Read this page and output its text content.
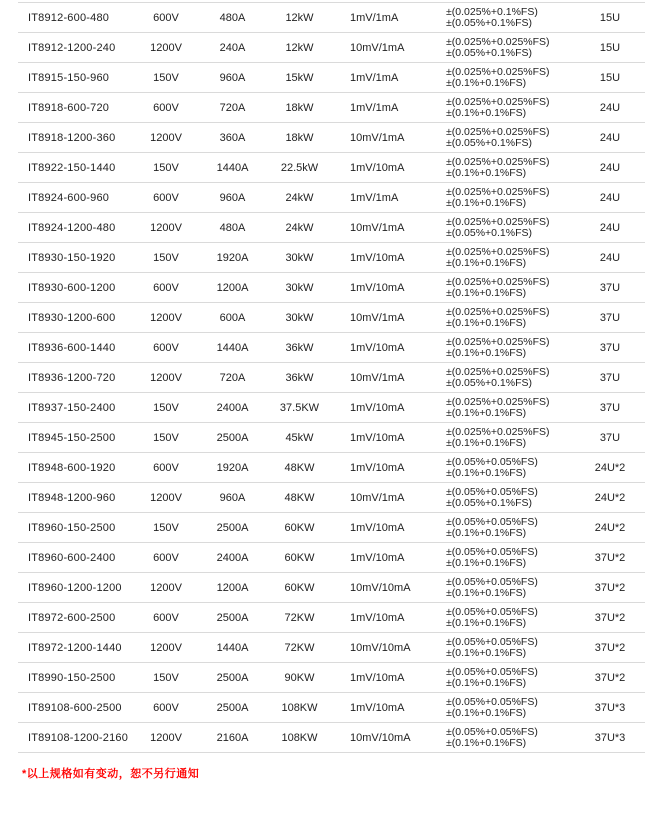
IT8912-600-480	600V	480A	12kW	1mV/1mA	±(0.025%+0.1%FS)
±(0.05%+0.1%FS)	15U
IT8912-1200-240	1200V	240A	12kW	10mV/1mA	±(0.025%+0.025%FS)
±(0.05%+0.1%FS)	15U
IT8915-150-960	150V	960A	15kW	1mV/1mA	±(0.025%+0.025%FS)
±(0.1%+0.1%FS)	15U
IT8918-600-720	600V	720A	18kW	1mV/1mA	±(0.025%+0.025%FS)
±(0.1%+0.1%FS)	24U
IT8918-1200-360	1200V	360A	18kW	10mV/1mA	±(0.025%+0.025%FS)
±(0.05%+0.1%FS)	24U
IT8922-150-1440	150V	1440A	22.5kW	1mV/10mA	±(0.025%+0.025%FS)
±(0.1%+0.1%FS)	24U
IT8924-600-960	600V	960A	24kW	1mV/1mA	±(0.025%+0.025%FS)
±(0.1%+0.1%FS)	24U
IT8924-1200-480	1200V	480A	24kW	10mV/1mA	±(0.025%+0.025%FS)
±(0.05%+0.1%FS)	24U
IT8930-150-1920	150V	1920A	30kW	1mV/10mA	±(0.025%+0.025%FS)
±(0.1%+0.1%FS)	24U
IT8930-600-1200	600V	1200A	30kW	1mV/10mA	±(0.025%+0.025%FS)
±(0.1%+0.1%FS)	37U
IT8930-1200-600	1200V	600A	30kW	10mV/1mA	±(0.025%+0.025%FS)
±(0.1%+0.1%FS)	37U
IT8936-600-1440	600V	1440A	36kW	1mV/10mA	±(0.025%+0.025%FS)
±(0.1%+0.1%FS)	37U
IT8936-1200-720	1200V	720A	36kW	10mV/1mA	±(0.025%+0.025%FS)
±(0.05%+0.1%FS)	37U
IT8937-150-2400	150V	2400A	37.5KW	1mV/10mA	±(0.025%+0.025%FS)
±(0.1%+0.1%FS)	37U
IT8945-150-2500	150V	2500A	45kW	1mV/10mA	±(0.025%+0.025%FS)
±(0.1%+0.1%FS)	37U
IT8948-600-1920	600V	1920A	48KW	1mV/10mA	±(0.05%+0.05%FS)
±(0.1%+0.1%FS)	24U*2
IT8948-1200-960	1200V	960A	48KW	10mV/1mA	±(0.05%+0.05%FS)
±(0.05%+0.1%FS)	24U*2
IT8960-150-2500	150V	2500A	60KW	1mV/10mA	±(0.05%+0.05%FS)
±(0.1%+0.1%FS)	24U*2
IT8960-600-2400	600V	2400A	60KW	1mV/10mA	±(0.05%+0.05%FS)
±(0.1%+0.1%FS)	37U*2
IT8960-1200-1200	1200V	1200A	60KW	10mV/10mA	±(0.05%+0.05%FS)
±(0.1%+0.1%FS)	37U*2
IT8972-600-2500	600V	2500A	72KW	1mV/10mA	±(0.05%+0.05%FS)
±(0.1%+0.1%FS)	37U*2
IT8972-1200-1440	1200V	1440A	72KW	10mV/10mA	±(0.05%+0.05%FS)
±(0.1%+0.1%FS)	37U*2
IT8990-150-2500	150V	2500A	90KW	1mV/10mA	±(0.05%+0.05%FS)
±(0.1%+0.1%FS)	37U*2
IT89108-600-2500	600V	2500A	108KW	1mV/10mA	±(0.05%+0.05%FS)
±(0.1%+0.1%FS)	37U*3
IT89108-1200-2160	1200V	2160A	108KW	10mV/10mA	±(0.05%+0.05%FS)
±(0.1%+0.1%FS)	37U*3
*以上规格如有变动，恕不另行通知
